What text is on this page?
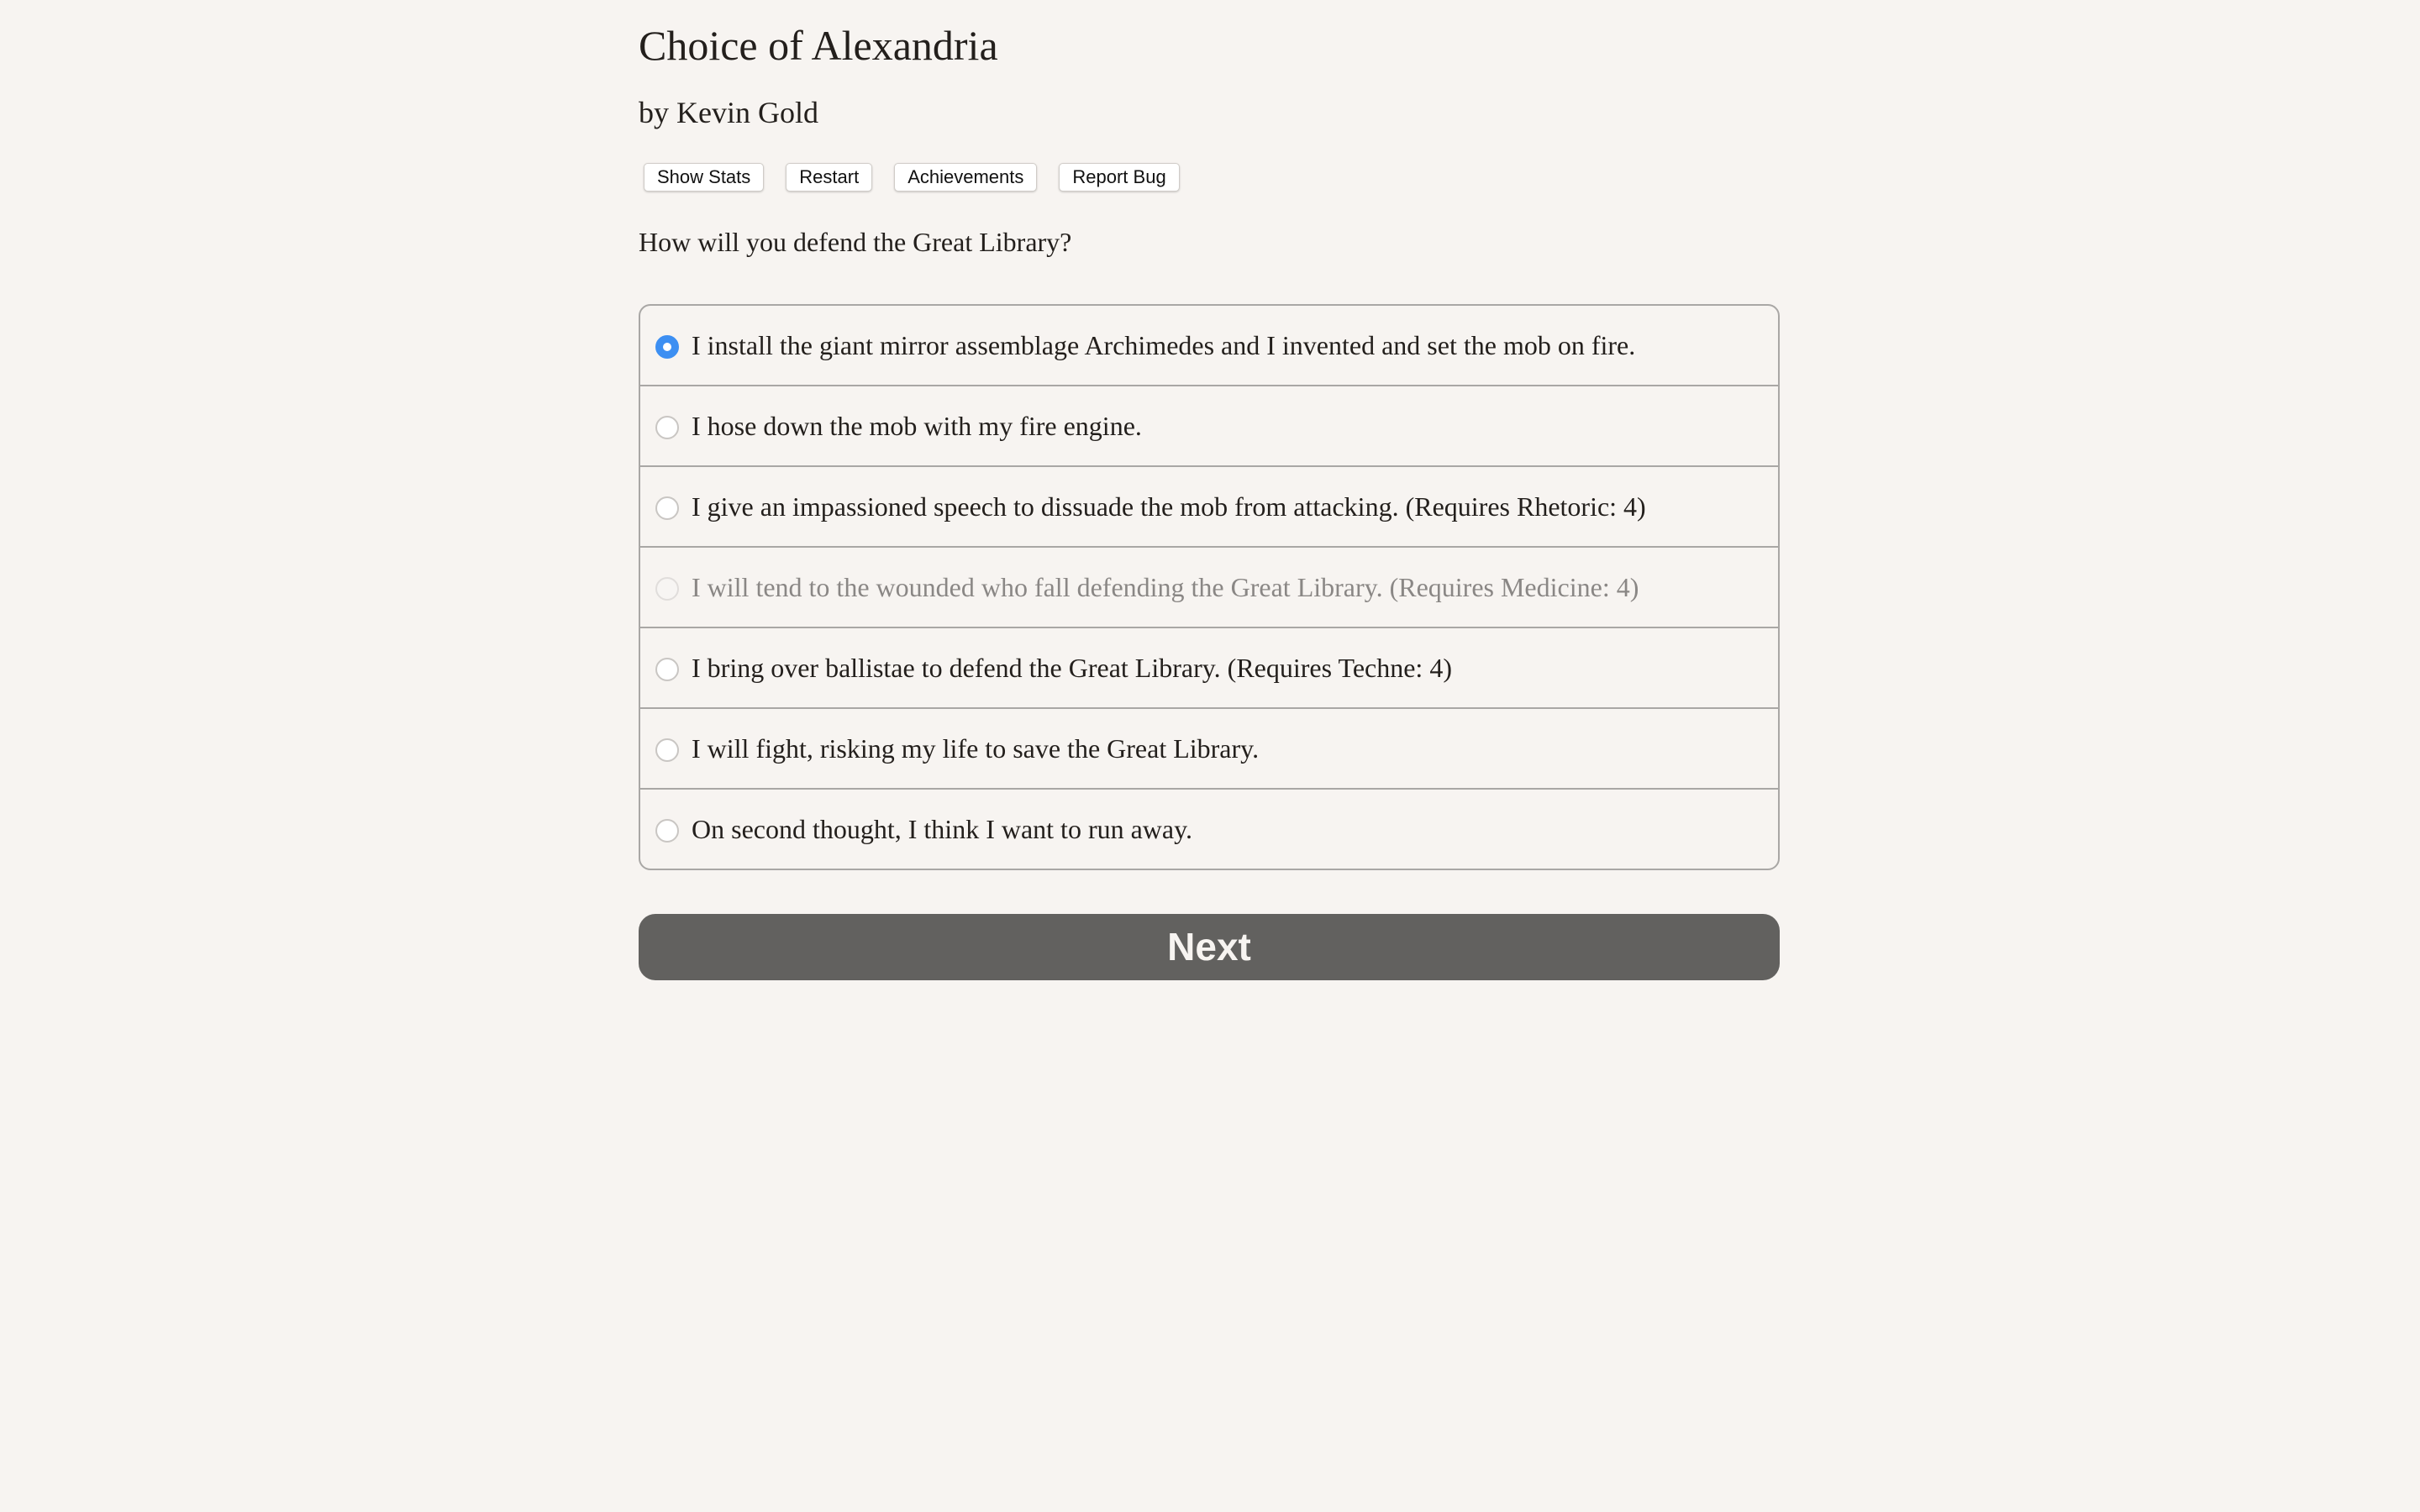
Choice of Alexandria
by Kevin Gold
Show Stats	Restart	Achievements	Report Bug

How will you defend the Great Library?

I install the giant mirror assemblage Archimedes and I invented and set the mob on fire.
I hose down the mob with my fire engine.
I give an impassioned speech to dissuade the mob from attacking. (Requires Rhetoric: 4)
I will tend to the wounded who fall defending the Great Library. (Requires Medicine: 4)
I bring over ballistae to defend the Great Library. (Requires Techne: 4)
I will fight, risking my life to save the Great Library.
On second thought, I think I want to run away.
Next
